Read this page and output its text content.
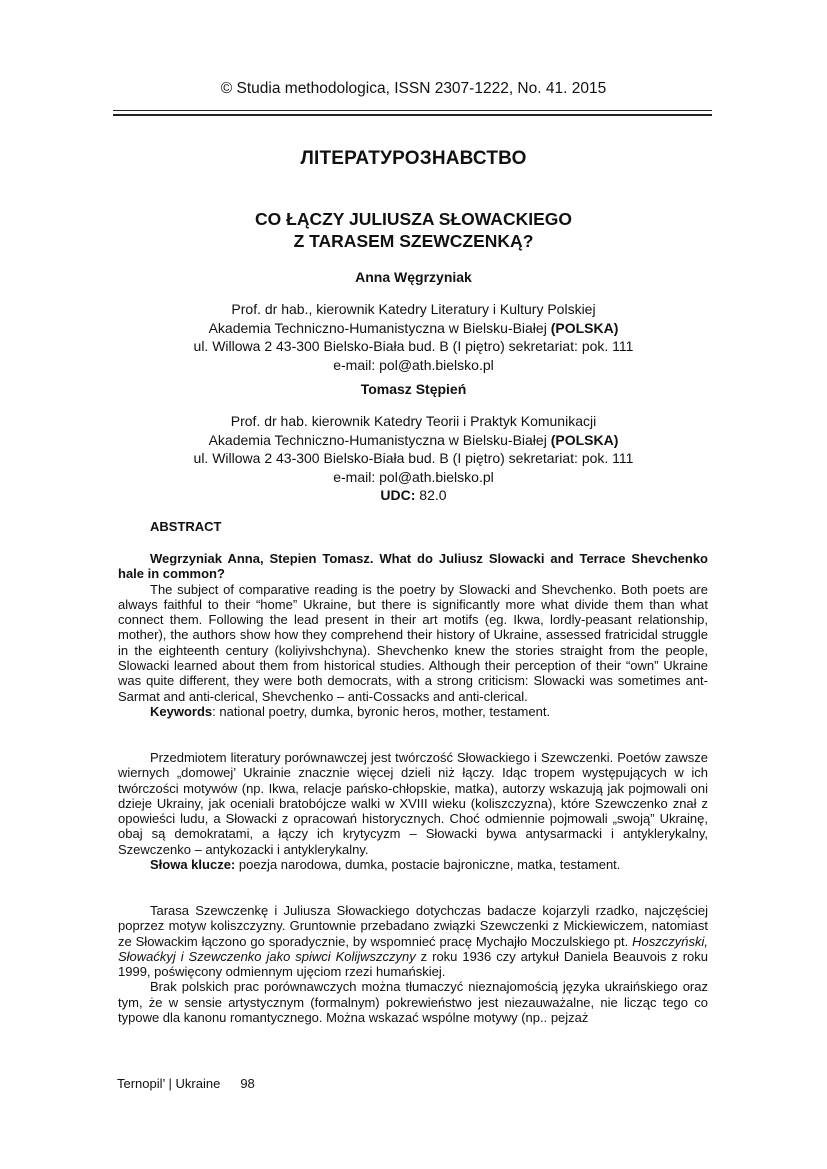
© Studia methodologica, ISSN 2307-1222, No. 41. 2015
ЛІТЕРАТУРОЗНАВСТВО
CO ŁĄCZY JULIUSZA SŁOWACKIEGO
Z TARASEM SZEWCZENKĄ?
Anna Węgrzyniak
Prof. dr hab., kierownik Katedry Literatury i Kultury Polskiej
Akademia Techniczno-Humanistyczna w Bielsku-Białej (POLSKA)
ul. Willowa 2 43-300 Bielsko-Biała bud. B (I piętro) sekretariat: pok. 111
e-mail: pol@ath.bielsko.pl
Tomasz Stępień
Prof. dr hab. kierownik Katedry Teorii i Praktyk Komunikacji
Akademia Techniczno-Humanistyczna w Bielsku-Białej (POLSKA)
ul. Willowa 2 43-300 Bielsko-Biała bud. B (I piętro) sekretariat: pok. 111
e-mail: pol@ath.bielsko.pl
UDC: 82.0
ABSTRACT

Wegrzyniak Anna, Stepien Tomasz. What do Juliusz Slowacki and Terrace Shevchenko hale in common?

The subject of comparative reading is the poetry by Slowacki and Shevchenko. Both poets are always faithful to their “home” Ukraine, but there is significantly more what divide them than what connect them. Following the lead present in their art motifs (eg. Ikwa, lordly-peasant relationship, mother), the authors show how they comprehend their history of Ukraine, assessed fratricidal struggle in the eighteenth century (koliyivshchyna). Shevchenko knew the stories straight from the people, Slowacki learned about them from historical studies. Although their perception of their “own” Ukraine was quite different, they were both democrats, with a strong criticism: Slowacki was sometimes ant-Sarmat and anti-clerical, Shevchenko – anti-Cossacks and anti-clerical.

Keywords: national poetry, dumka, byronic heros, mother, testament.

Przedmiotem literatury porównawczej jest twórczość Słowackiego i Szewczenki. Poetów zawsze wiernych „domowej’ Ukrainie znacznie więcej dzieli niż łączy. Idąc tropem występujących w ich twórczości motywów (np. Ikwa, relacje pańsko-chłopskie, matka), autorzy wskazują jak pojmowali oni dzieje Ukrainy, jak oceniali bratobójcze walki w XVIII wieku (koliszczyzna), które Szewczenko znał z opowieści ludu, a Słowacki z opracowań historycznych. Choć odmiennie pojmowali „swoją” Ukrainę, obaj są demokratami, a łączy ich krytycyzm – Słowacki bywa antysarmacki i antyklerykalny, Szewczenko – antykozacki i antyklerykalny.

Słowa klucze: poezja narodowa, dumka, postacie bajroniczne, matka, testament.

Tarasa Szewczenkę i Juliusza Słowackiego dotychczas badacze kojarzyli rzadko, najczęściej poprzez motyw koliszczyzny. Gruntownie przebadano związki Szewczenki z Mickiewiczem, natomiast ze Słowackim łączono go sporadycznie, by wspomnieć pracę Mychajło Moczulskiego pt. Hoszczyński, Słowaćkyj i Szewczenko jako spiwci Kolijwszczyny z roku 1936 czy artykuł Daniela Beauvois z roku 1999, poświęcony odmiennym ujęciom rzezi humańskiej.

Brak polskich prac porównawczych można tłumaczyć nieznajomością języka ukraińskiego oraz tym, że w sensie artystycznym (formalnym) pokrewieństwo jest niezauważalne, nie licząc tego co typowe dla kanonu romantycznego. Można wskazać wspólne motywy (np.. pejzaż

Ternopil’ | Ukraine 98
